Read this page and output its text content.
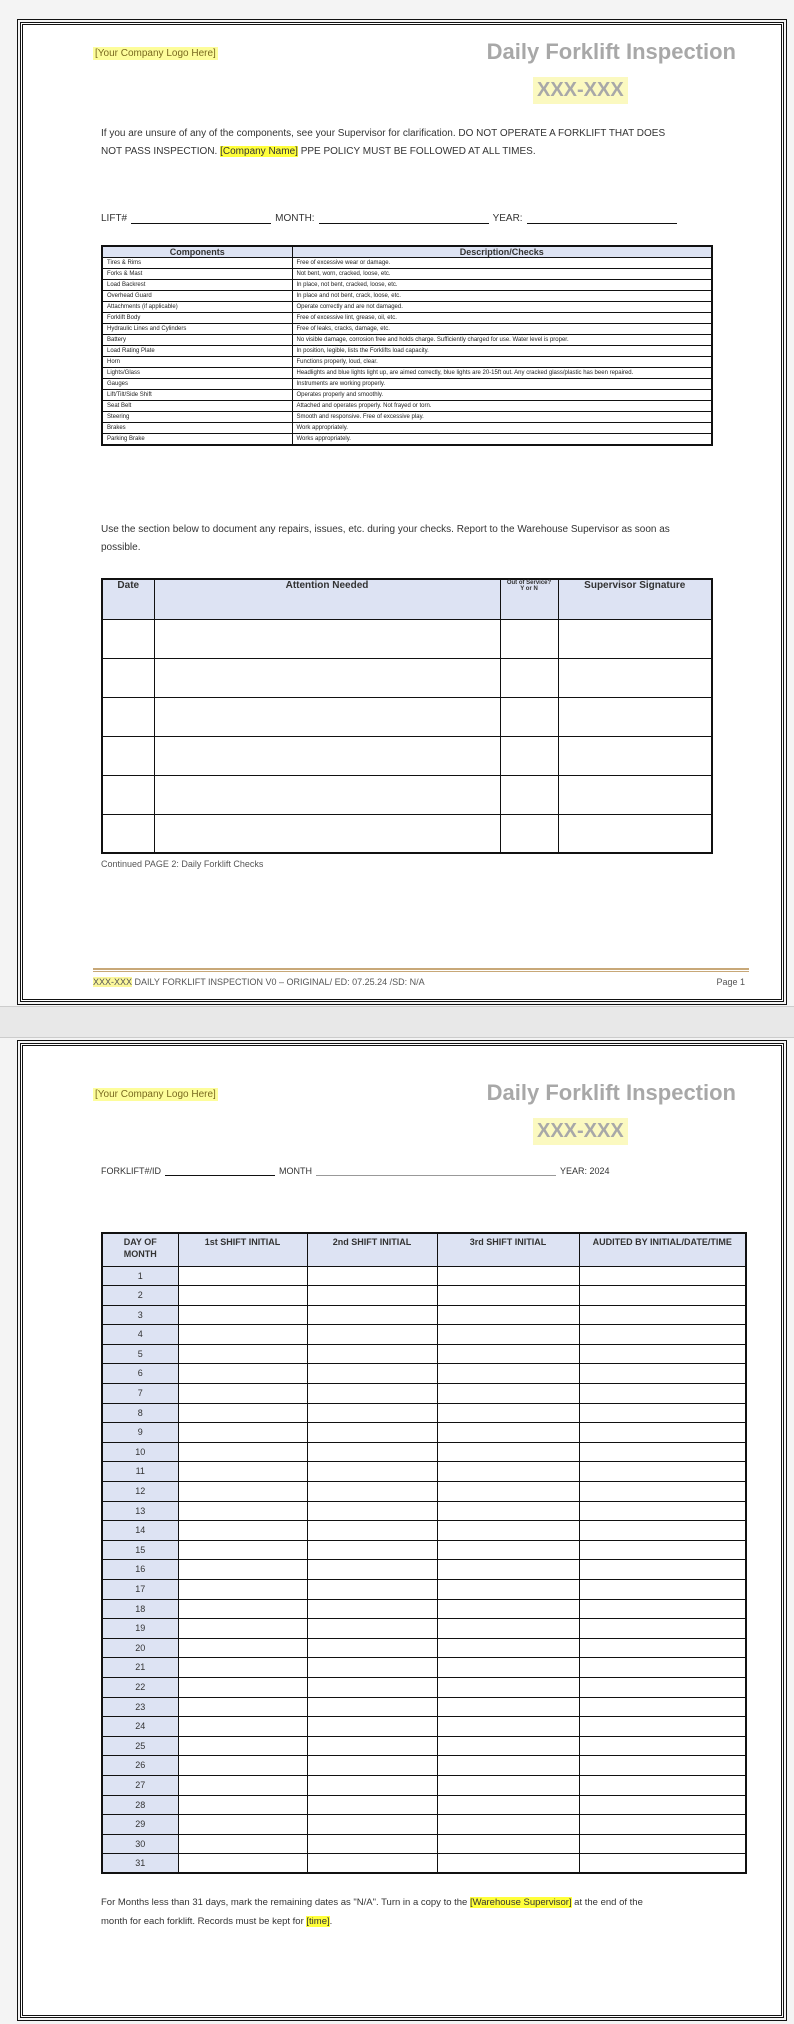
[Your Company Logo Here]	Daily Forklift Inspection
XXX-XXX

If you are unsure of any of the components, see your Supervisor for clarification. DO NOT OPERATE A FORKLIFT THAT DOES NOT PASS INSPECTION. [Company Name] PPE POLICY MUST BE FOLLOWED AT ALL TIMES.

LIFT#	MONTH:	YEAR:
Components	Description/Checks
Tires & Rims	Free of excessive wear or damage.
Forks & Mast	Not bent, worn, cracked, loose, etc.
Load Backrest	In place, not bent, cracked, loose, etc.
Overhead Guard	In place and not bent, crack, loose, etc.
Attachments (if applicable)	Operate correctly and are not damaged.
Forklift Body	Free of excessive lint, grease, oil, etc.
Hydraulic Lines and Cylinders	Free of leaks, cracks, damage, etc.
Battery	No visible damage, corrosion free and holds charge. Sufficiently charged for use. Water level is proper.
Load Rating Plate	In position, legible, lists the Forklifts load capacity.
Horn	Functions properly, loud, clear.
Lights/Glass	Headlights and blue lights light up, are aimed correctly, blue lights are 20-15ft out. Any cracked glass/plastic has been repaired.
Gauges	Instruments are working properly.
Lift/Tilt/Side Shift	Operates properly and smoothly.
Seat Belt	Attached and operates properly. Not frayed or torn.
Steering	Smooth and responsive. Free of excessive play.
Brakes	Work appropriately.
Parking Brake	Works appropriately.

Use the section below to document any repairs, issues, etc. during your checks. Report to the Warehouse Supervisor as soon as possible.

Date	Attention Needed	Out of Service? Y or N	Supervisor Signature

Continued PAGE 2: Daily Forklift Checks

XXX-XXX DAILY FORKLIFT INSPECTION V0 – ORIGINAL/ ED: 07.25.24 /SD: N/A	Page 1
[Your Company Logo Here]	Daily Forklift Inspection
XXX-XXX
FORKLIFT#/ID	MONTH	YEAR: 2024
DAY OF MONTH	1st SHIFT INITIAL	2nd SHIFT INITIAL	3rd SHIFT INITIAL	AUDITED BY INITIAL/DATE/TIME
1				
2				
3				
4				
5				
6				
7				
8				
9				
10				
11				
12				
13				
14				
15				
16				
17				
18				
19				
20				
21				
22				
23				
24				
25				
26				
27				
28				
29				
30				
31				

For Months less than 31 days, mark the remaining dates as "N/A". Turn in a copy to the [Warehouse Supervisor] at the end of the month for each forklift. Records must be kept for [time].
